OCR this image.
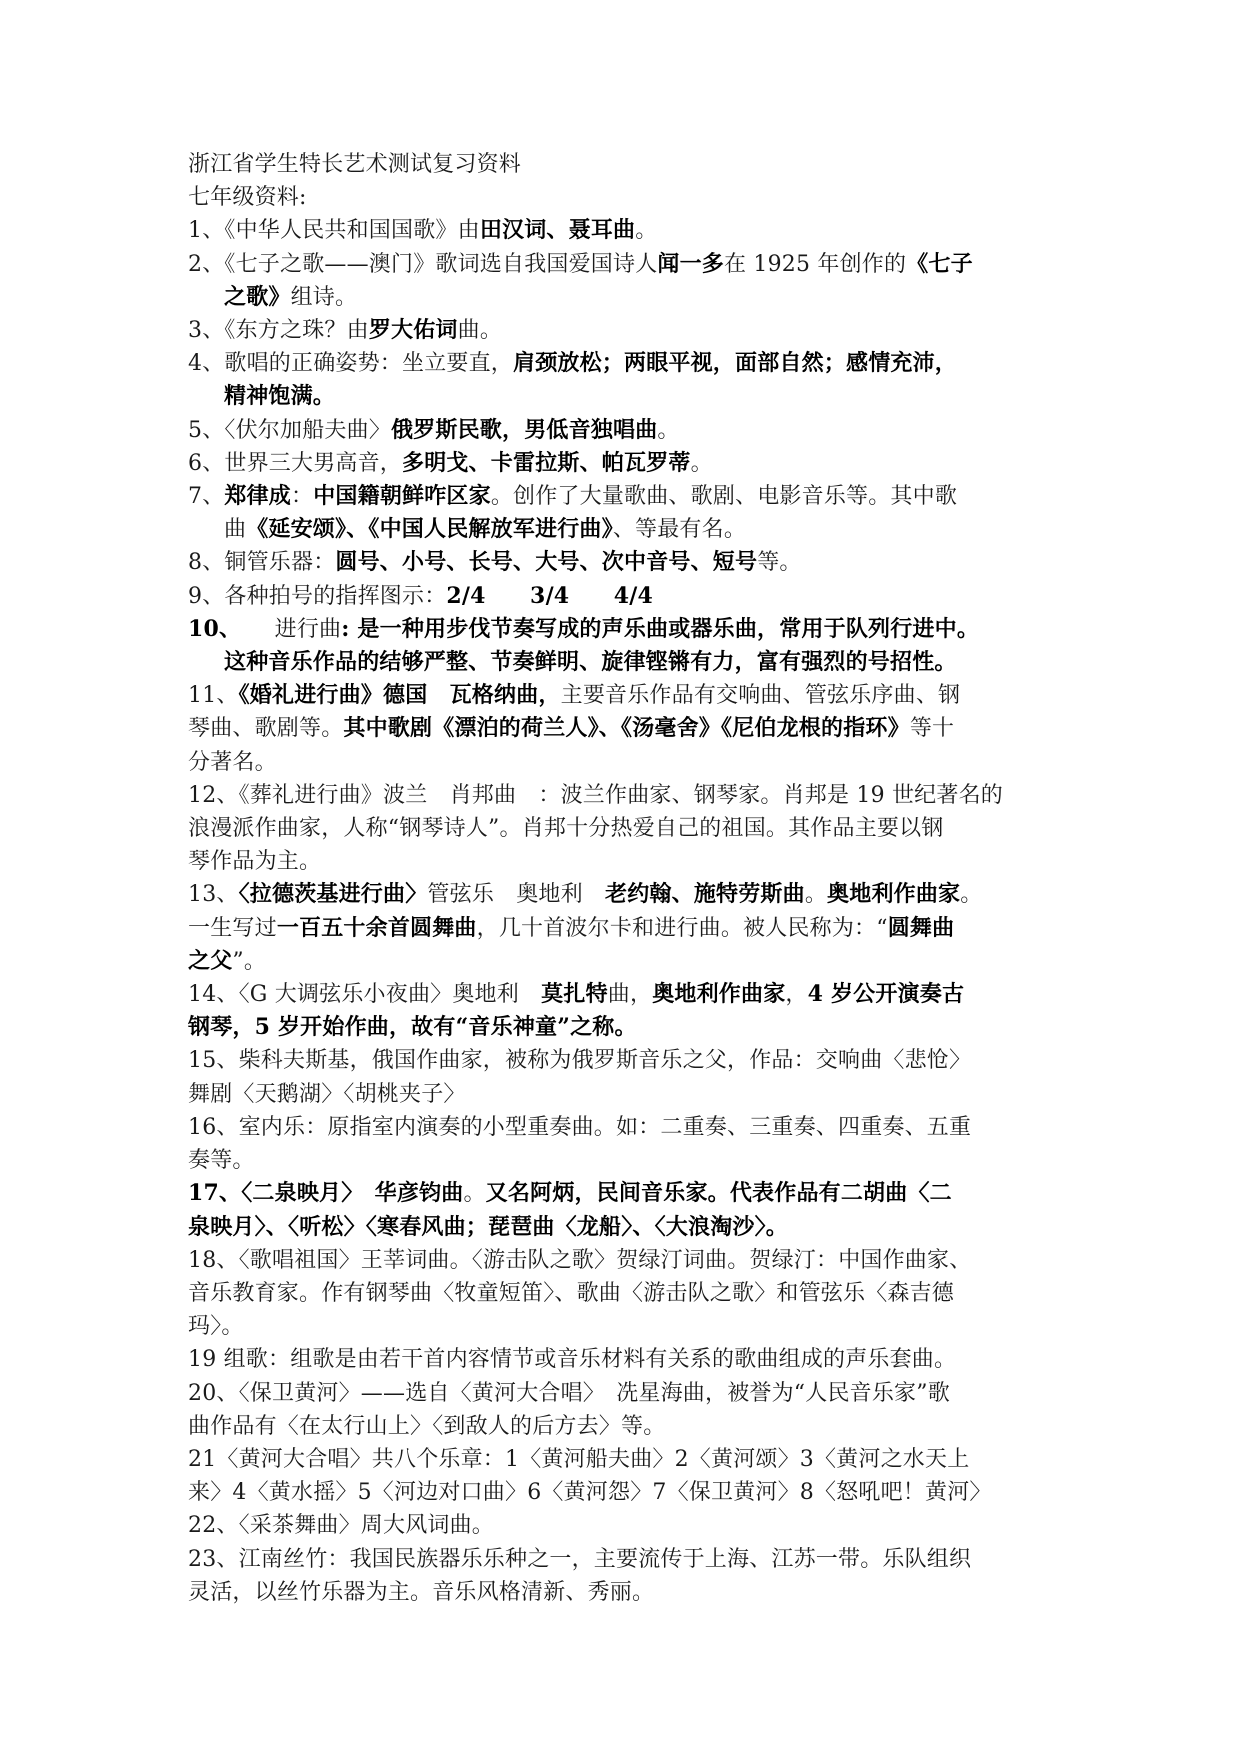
浙江省学生特长艺术测试复习资料
七年级资料:
1、《中华人民共和国国歌》由田汉词、聂耳曲。
2、《七子之歌——澳门》歌词选自我国爱国诗人闻一多在 1925 年创作的《七子
之歌》组诗。
3、《东方之珠？由罗大佑词曲。
4、歌唱的正确姿势：坐立要直，肩颈放松；两眼平视，面部自然；感情充沛，
精神饱满。
5、〈伏尔加船夫曲〉俄罗斯民歌，男低音独唱曲。
6、世界三大男高音，多明戈、卡雷拉斯、帕瓦罗蒂。
7、郑律成：中国籍朝鲜咋区家。创作了大量歌曲、歌剧、电影音乐等。其中歌
曲《延安颂》、《中国人民解放军进行曲》、等最有名。
8、铜管乐器：圆号、小号、长号、大号、次中音号、短号等。
9、各种拍号的指挥图示：2/4　　3/4　　4/4
10、　　进行曲: 是一种用步伐节奏写成的声乐曲或器乐曲，常用于队列行进中。
这种音乐作品的结够严整、节奏鲜明、旋律铿锵有力，富有强烈的号招性。
11、《婚礼进行曲》德国　瓦格纳曲，主要音乐作品有交响曲、管弦乐序曲、钢
琴曲、歌剧等。其中歌剧《漂泊的荷兰人》、《汤毫舍》《尼伯龙根的指环》等十
分著名。
12、《葬礼进行曲》波兰　肖邦曲　：波兰作曲家、钢琴家。肖邦是 19 世纪著名的
浪漫派作曲家，人称“钢琴诗人”。肖邦十分热爱自己的祖国。其作品主要以钢
琴作品为主。
13、〈拉德茨基进行曲〉管弦乐　奥地利　老约翰、施特劳斯曲。奥地利作曲家。
一生写过一百五十余首圆舞曲，几十首波尔卡和进行曲。被人民称为：“圆舞曲
之父”。
14、〈G 大调弦乐小夜曲〉奥地利　莫扎特曲，奥地利作曲家，4 岁公开演奏古
钢琴，5 岁开始作曲，故有“音乐神童”之称。
15、柴科夫斯基，俄国作曲家，被称为俄罗斯音乐之父，作品：交响曲〈悲怆〉
舞剧〈天鹅湖〉〈胡桃夹子〉
16、室内乐：原指室内演奏的小型重奏曲。如：二重奏、三重奏、四重奏、五重
奏等。
17、〈二泉映月〉　华彦钧曲。又名阿炳，民间音乐家。代表作品有二胡曲〈二
泉映月〉、〈听松〉〈寒春风曲；琵琶曲〈龙船〉、〈大浪淘沙〉。
18、〈歌唱祖国〉王莘词曲。〈游击队之歌〉贺绿汀词曲。贺绿汀：中国作曲家、
音乐教育家。作有钢琴曲〈牧童短笛〉、歌曲〈游击队之歌〉和管弦乐〈森吉德
玛〉。
19 组歌：组歌是由若干首内容情节或音乐材料有关系的歌曲组成的声乐套曲。
20、〈保卫黄河〉——选自〈黄河大合唱〉　冼星海曲，被誉为“人民音乐家”歌
曲作品有〈在太行山上〉〈到敌人的后方去〉等。
21〈黄河大合唱〉共八个乐章：1〈黄河船夫曲〉2〈黄河颂〉3〈黄河之水天上
来〉4〈黄水摇〉5〈河边对口曲〉6〈黄河怨〉7〈保卫黄河〉8〈怒吼吧！黄河〉
22、〈采茶舞曲〉周大风词曲。
23、江南丝竹：我国民族器乐乐种之一，主要流传于上海、江苏一带。乐队组织
灵活，以丝竹乐器为主。音乐风格清新、秀丽。
